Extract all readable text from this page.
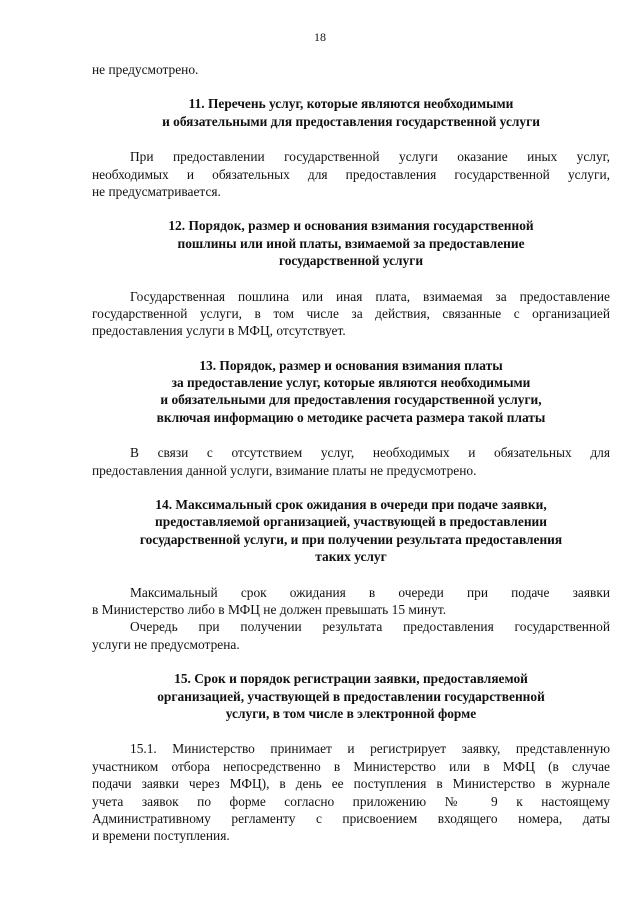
18
не предусмотрено.
11. Перечень услуг, которые являются необходимыми
и обязательными для предоставления государственной услуги
При предоставлении государственной услуги оказание иных услуг,
необходимых и обязательных для предоставления государственной услуги,
не предусматривается.
12. Порядок, размер и основания взимания государственной
пошлины или иной платы, взимаемой за предоставление
государственной услуги
Государственная пошлина или иная плата, взимаемая за предоставление
государственной услуги, в том числе за действия, связанные с организацией
предоставления услуги в МФЦ, отсутствует.
13. Порядок, размер и основания взимания платы
за предоставление услуг, которые являются необходимыми
и обязательными для предоставления государственной услуги,
включая информацию о методике расчета размера такой платы
В связи с отсутствием услуг, необходимых и обязательных для
предоставления данной услуги, взимание платы не предусмотрено.
14. Максимальный срок ожидания в очереди при подаче заявки,
предоставляемой организацией, участвующей в предоставлении
государственной услуги, и при получении результата предоставления
таких услуг
Максимальный срок ожидания в очереди при подаче заявки
в Министерство либо в МФЦ не должен превышать 15 минут.
Очередь при получении результата предоставления государственной
услуги не предусмотрена.
15. Срок и порядок регистрации заявки, предоставляемой
организацией, участвующей в предоставлении государственной
услуги, в том числе в электронной форме
15.1. Министерство принимает и регистрирует заявку, представленную
участником отбора непосредственно в Министерство или в МФЦ (в случае
подачи заявки через МФЦ), в день ее поступления в Министерство в журнале
учета заявок по форме согласно приложению № 9 к настоящему
Административному регламенту с присвоением входящего номера, даты
и времени поступления.
